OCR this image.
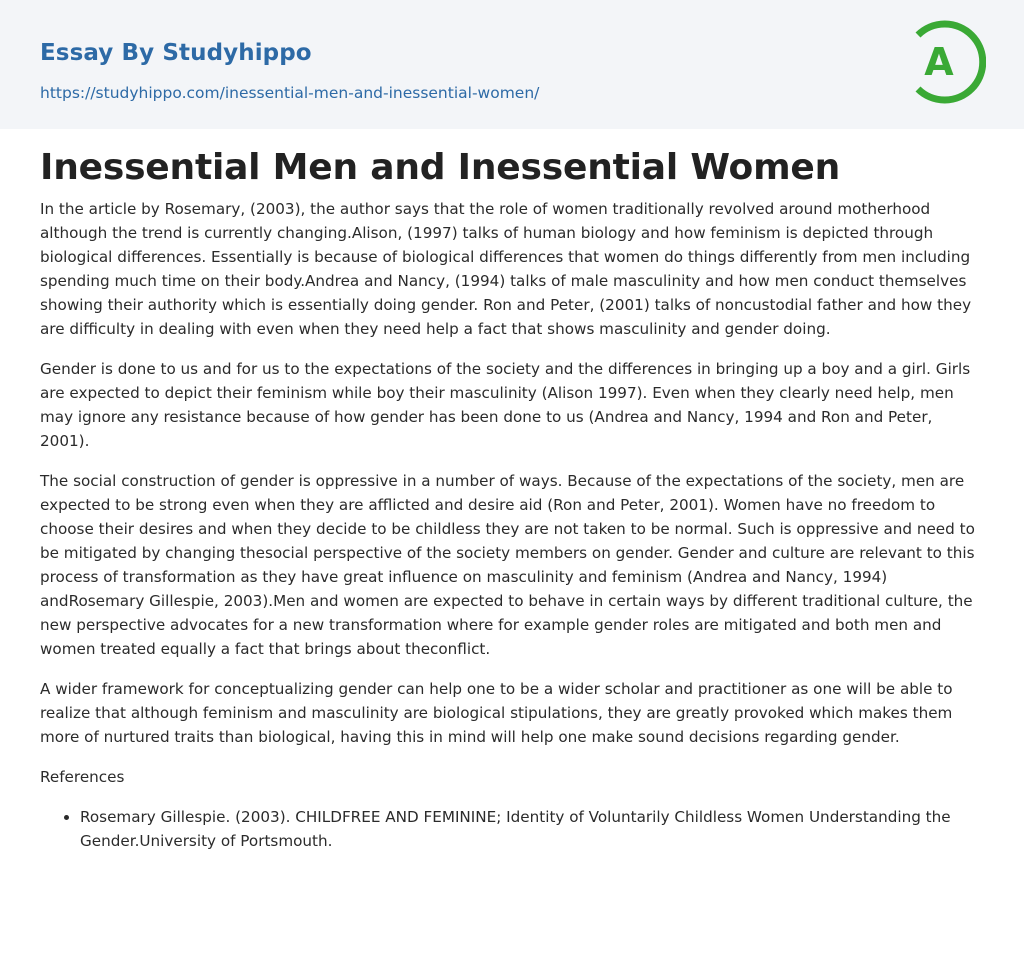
Essay By Studyhippo
https://studyhippo.com/inessential-men-and-inessential-women/
A
Inessential Men and Inessential Women

In the article by Rosemary, (2003), the author says that the role of women traditionally revolved around motherhood although the trend is currently changing.Alison, (1997) talks of human biology and how feminism is depicted through biological differences. Essentially is because of biological differences that women do things differently from men including spending much time on their body.Andrea and Nancy, (1994) talks of male masculinity and how men conduct themselves showing their authority which is essentially doing gender. Ron and Peter, (2001) talks of noncustodial father and how they are difficulty in dealing with even when they need help a fact that shows masculinity and gender doing.

Gender is done to us and for us to the expectations of the society and the differences in bringing up a boy and a girl. Girls are expected to depict their feminism while boy their masculinity (Alison 1997). Even when they clearly need help, men may ignore any resistance because of how gender has been done to us (Andrea and Nancy, 1994 and Ron and Peter, 2001).

The social construction of gender is oppressive in a number of ways. Because of the expectations of the society, men are expected to be strong even when they are afflicted and desire aid (Ron and Peter, 2001). Women have no freedom to choose their desires and when they decide to be childless they are not taken to be normal. Such is oppressive and need to be mitigated by changing thesocial perspective of the society members on gender. Gender and culture are relevant to this process of transformation as they have great influence on masculinity and feminism (Andrea and Nancy, 1994) andRosemary Gillespie, 2003).Men and women are expected to behave in certain ways by different traditional culture, the new perspective advocates for a new transformation where for example gender roles are mitigated and both men and women treated equally a fact that brings about theconflict.

A wider framework for conceptualizing gender can help one to be a wider scholar and practitioner as one will be able to realize that although feminism and masculinity are biological stipulations, they are greatly provoked which makes them more of nurtured traits than biological, having this in mind will help one make sound decisions regarding gender.

References

• Rosemary Gillespie. (2003). CHILDFREE AND FEMININE; Identity of Voluntarily Childless Women Understanding the Gender.University of Portsmouth.
